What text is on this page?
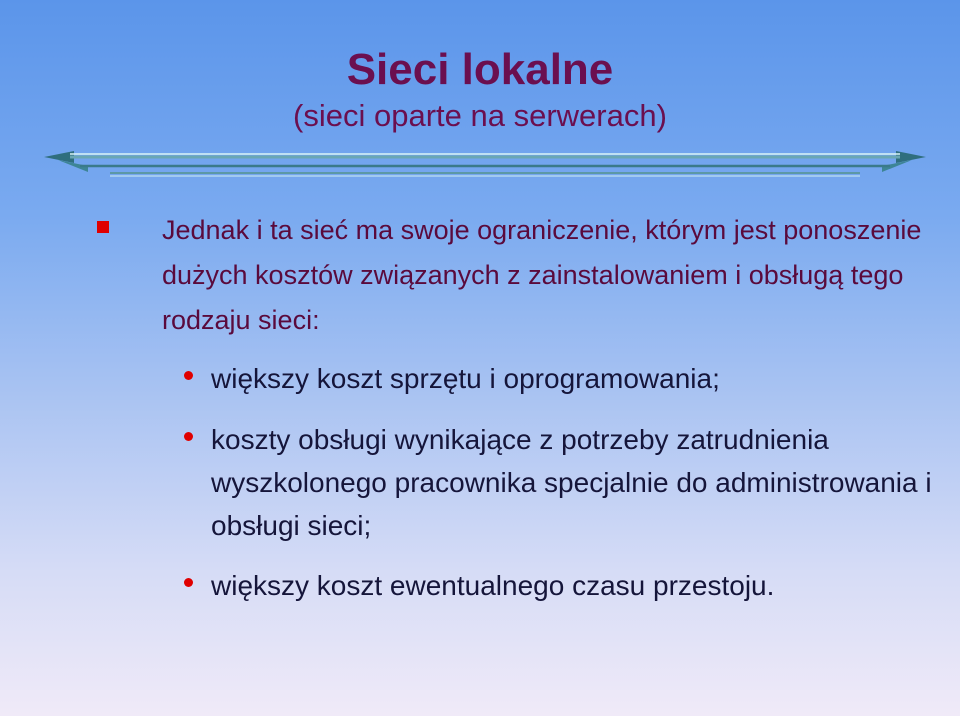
Sieci lokalne
(sieci oparte na serwerach)

Jednak i ta sieć ma swoje ograniczenie, którym jest ponoszenie dużych kosztów związanych z zainstalowaniem i obsługą tego rodzaju sieci:

większy koszt sprzętu i oprogramowania;

koszty obsługi wynikające z potrzeby zatrudnienia wyszkolonego pracownika specjalnie do administrowania i obsługi sieci;

większy koszt ewentualnego czasu przestoju.
